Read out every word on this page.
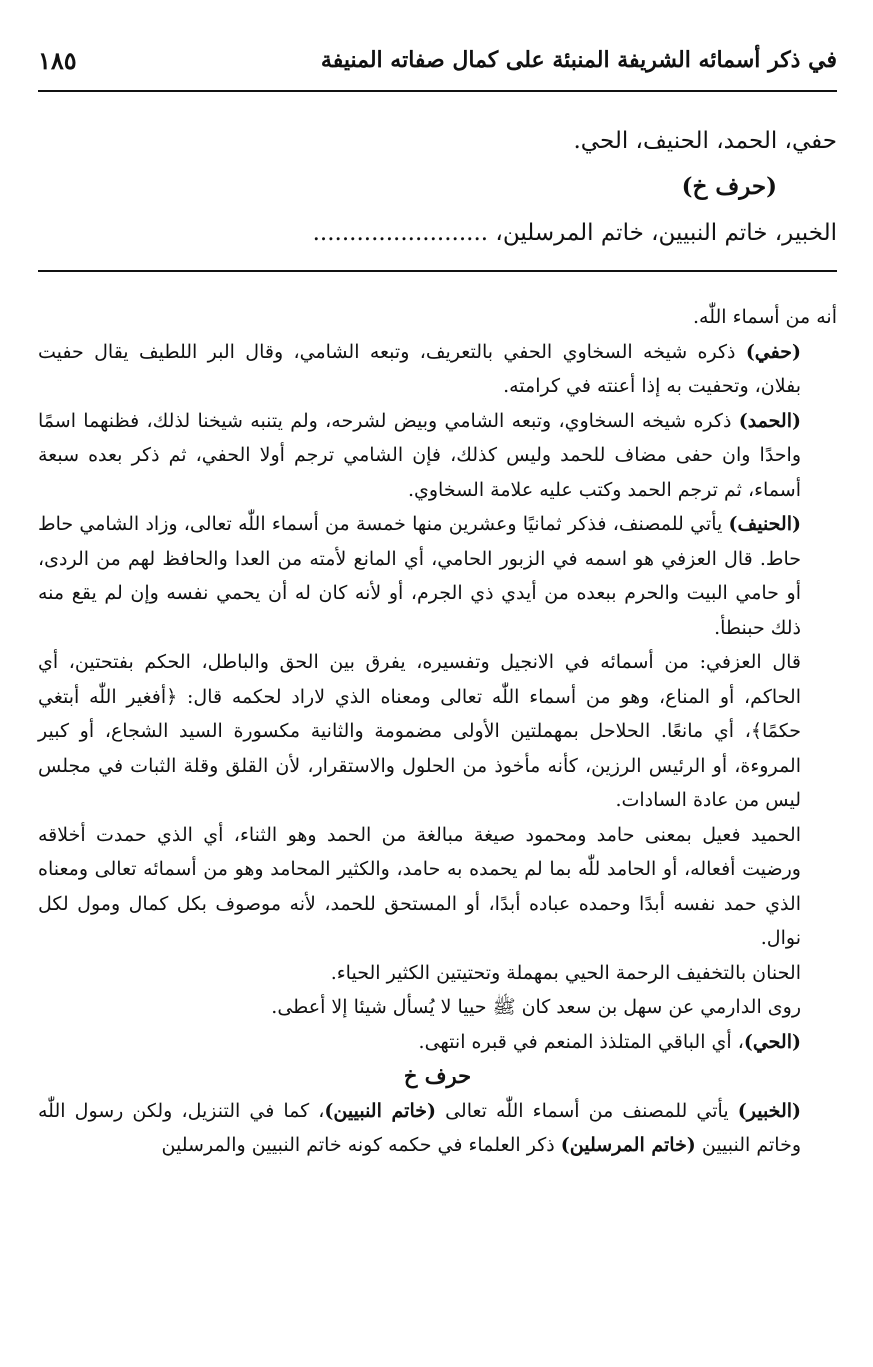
١٨٥	في ذكر أسمائه الشريفة المنبئة على كمال صفاته المنيفة
حفي، الحمد، الحنيف، الحي.
(حرف خ)
الخبير، خاتم النبيين، خاتم المرسلين، ........................

أنه من أسماء اللّٰه.

(حفي) ذكره شيخه السخاوي الحفي بالتعريف، وتبعه الشامي، وقال البر اللطيف يقال حفيت بفلان، وتحفيت به إذا أعنته في كرامته.

(الحمد) ذكره شيخه السخاوي، وتبعه الشامي وبيض لشرحه، ولم يتنبه شيخنا لذلك، فظنهما اسمًا واحدًا وان حفى مضاف للحمد وليس كذلك، فإن الشامي ترجم أولا الحفي، ثم ذكر بعده سبعة أسماء، ثم ترجم الحمد وكتب عليه علامة السخاوي.

(الحنيف) يأتي للمصنف، فذكر ثمانيًا وعشرين منها خمسة من أسماء اللّٰه تعالى، وزاد الشامي حاط حاط. قال العزفي هو اسمه في الزبور الحامي، أي المانع لأمته من العدا والحافظ لهم من الردى، أو حامي البيت والحرم ببعده من أيدي ذي الجرم، أو لأنه كان له أن يحمي نفسه وإن لم يقع منه ذلك حبنطأ.

قال العزفي: من أسمائه في الانجيل وتفسيره، يفرق بين الحق والباطل، الحكم بفتحتين، أي الحاكم، أو المناع، وهو من أسماء اللّٰه تعالى ومعناه الذي لاراد لحكمه قال: ﴿أفغير اللّٰه أبتغي حكمًا﴾، أي مانعًا. الحلاحل بمهملتين الأولى مضمومة والثانية مكسورة السيد الشجاع، أو كبير المروءة، أو الرئيس الرزين، كأنه مأخوذ من الحلول والاستقرار، لأن القلق وقلة الثبات في مجلس ليس من عادة السادات.

الحميد فعيل بمعنى حامد ومحمود صيغة مبالغة من الحمد وهو الثناء، أي الذي حمدت أخلاقه ورضيت أفعاله، أو الحامد للّٰه بما لم يحمده به حامد، والكثير المحامد وهو من أسمائه تعالى ومعناه الذي حمد نفسه أبدًا وحمده عباده أبدًا، أو المستحق للحمد، لأنه موصوف بكل كمال ومول لكل نوال.

الحنان بالتخفيف الرحمة الحيي بمهملة وتحتيتين الكثير الحياء.

روى الدارمي عن سهل بن سعد كان ﷺ حييا لا يُسأل شيئا إلا أعطى.

(الحي)، أي الباقي المتلذذ المنعم في قبره انتهى.

حرف خ

(الخبير) يأتي للمصنف من أسماء اللّٰه تعالى (خاتم النبيين)، كما في التنزيل، ولكن رسول اللّٰه وخاتم النبيين (خاتم المرسلين) ذكر العلماء في حكمه كونه خاتم النبيين والمرسلين
